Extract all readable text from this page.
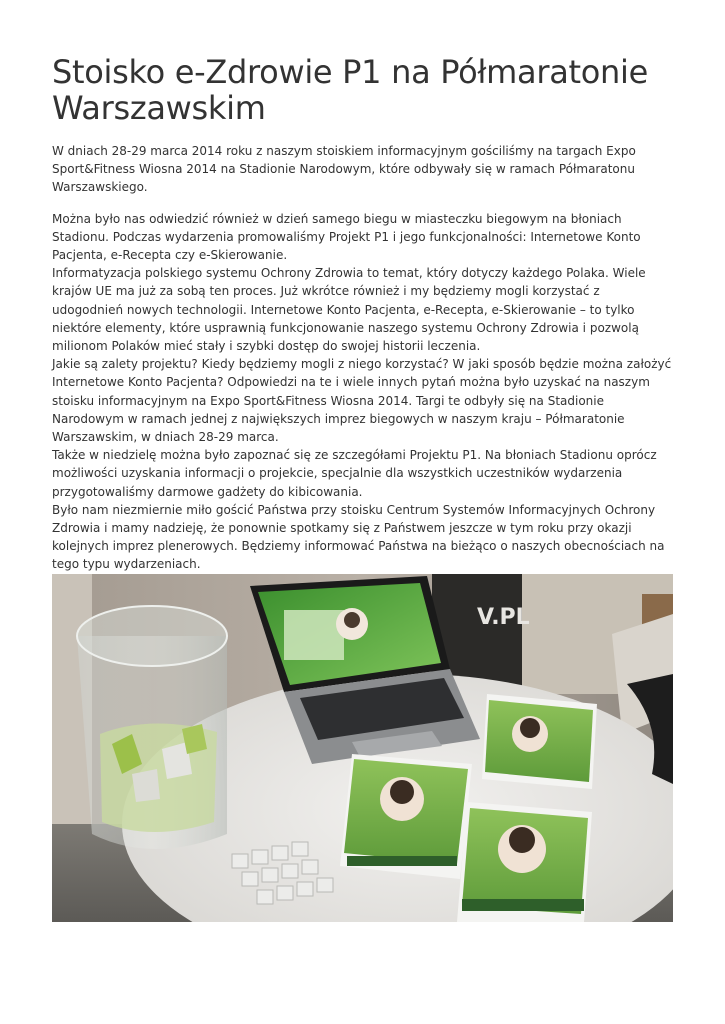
Stoisko e-Zdrowie P1 na Półmaratonie Warszawskim

W dniach 28-29 marca 2014 roku z naszym stoiskiem informacyjnym gościliśmy na targach Expo Sport&Fitness Wiosna 2014 na Stadionie Narodowym, które odbywały się w ramach Półmaratonu Warszawskiego.

Można było nas odwiedzić również w dzień samego biegu w miasteczku biegowym na błoniach Stadionu. Podczas wydarzenia promowaliśmy Projekt P1 i jego funkcjonalności: Internetowe Konto Pacjenta, e-Recepta czy e-Skierowanie.
Informatyzacja polskiego systemu Ochrony Zdrowia to temat, który dotyczy każdego Polaka. Wiele krajów UE ma już za sobą ten proces. Już wkrótce również i my będziemy mogli korzystać z udogodnień nowych technologii. Internetowe Konto Pacjenta, e-Recepta, e-Skierowanie – to tylko niektóre elementy, które usprawnią funkcjonowanie naszego systemu Ochrony Zdrowia i pozwolą milionom Polaków mieć stały i szybki dostęp do swojej historii leczenia.
Jakie są zalety projektu? Kiedy będziemy mogli z niego korzystać? W jaki sposób będzie można założyć Internetowe Konto Pacjenta? Odpowiedzi na te i wiele innych pytań można było uzyskać na naszym stoisku informacyjnym na Expo Sport&Fitness Wiosna 2014. Targi te odbyły się na Stadionie Narodowym w ramach jednej z największych imprez biegowych w naszym kraju – Półmaratonie Warszawskim, w dniach 28-29 marca.
Także w niedzielę można było zapoznać się ze szczegółami Projektu P1. Na błoniach Stadionu oprócz możliwości uzyskania informacji o projekcie, specjalnie dla wszystkich uczestników wydarzenia przygotowaliśmy darmowe gadżety do kibicowania.
Było nam niezmiernie miło gościć Państwa przy stoisku Centrum Systemów Informacyjnych Ochrony Zdrowia i mamy nadzieję, że ponownie spotkamy się z Państwem jeszcze w tym roku przy okazji kolejnych imprez plenerowych. Będziemy informować Państwa na bieżąco o naszych obecnościach na tego typu wydarzeniach.
V.PL
